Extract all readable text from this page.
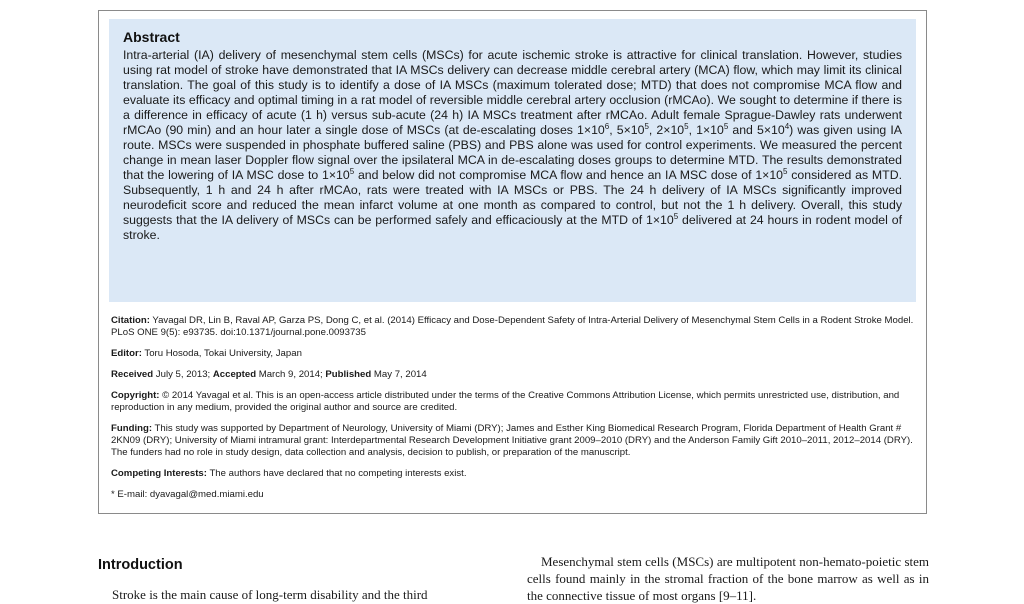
Abstract

Intra-arterial (IA) delivery of mesenchymal stem cells (MSCs) for acute ischemic stroke is attractive for clinical translation. However, studies using rat model of stroke have demonstrated that IA MSCs delivery can decrease middle cerebral artery (MCA) flow, which may limit its clinical translation. The goal of this study is to identify a dose of IA MSCs (maximum tolerated dose; MTD) that does not compromise MCA flow and evaluate its efficacy and optimal timing in a rat model of reversible middle cerebral artery occlusion (rMCAo). We sought to determine if there is a difference in efficacy of acute (1 h) versus sub-acute (24 h) IA MSCs treatment after rMCAo. Adult female Sprague-Dawley rats underwent rMCAo (90 min) and an hour later a single dose of MSCs (at de-escalating doses $1\times 10^6$, $5\times 10^5$, $2\times 10^5$, $1\times 10^5$ and $5\times 10^4$) was given using IA route. MSCs were suspended in phosphate buffered saline (PBS) and PBS alone was used for control experiments. We measured the percent change in mean laser Doppler flow signal over the ipsilateral MCA in de-escalating doses groups to determine MTD. The results demonstrated that the lowering of IA MSC dose to $1\times 10^5$ and below did not compromise MCA flow and hence an IA MSC dose of $1\times 10^5$ considered as MTD. Subsequently, 1 h and 24 h after rMCAo, rats were treated with IA MSCs or PBS. The 24 h delivery of IA MSCs significantly improved neurodeficit score and reduced the mean infarct volume at one month as compared to control, but not the 1 h delivery. Overall, this study suggests that the IA delivery of MSCs can be performed safely and efficaciously at the MTD of $1\times 10^5$ delivered at 24 hours in rodent model of stroke.

Citation: Yavagal DR, Lin B, Raval AP, Garza PS, Dong C, et al. (2014) Efficacy and Dose-Dependent Safety of Intra-Arterial Delivery of Mesenchymal Stem Cells in a Rodent Stroke Model. PLoS ONE 9(5): e93735. doi:10.1371/journal.pone.0093735

Editor: Toru Hosoda, Tokai University, Japan

Received July 5, 2013; Accepted March 9, 2014; Published May 7, 2014

Copyright: © 2014 Yavagal et al. This is an open-access article distributed under the terms of the Creative Commons Attribution License, which permits unrestricted use, distribution, and reproduction in any medium, provided the original author and source are credited.

Funding: This study was supported by Department of Neurology, University of Miami (DRY); James and Esther King Biomedical Research Program, Florida Department of Health Grant # 2KN09 (DRY); University of Miami intramural grant: Interdepartmental Research Development Initiative grant 2009–2010 (DRY) and the Anderson Family Gift 2010–2011, 2012–2014 (DRY). The funders had no role in study design, data collection and analysis, decision to publish, or preparation of the manuscript.

Competing Interests: The authors have declared that no competing interests exist.

* E-mail: dyavagal@med.miami.edu

Introduction

Stroke is the main cause of long-term disability and the third

Mesenchymal stem cells (MSCs) are multipotent non-hemato-poietic stem cells found mainly in the stromal fraction of the bone marrow as well as in the connective tissue of most organs [9–11].
